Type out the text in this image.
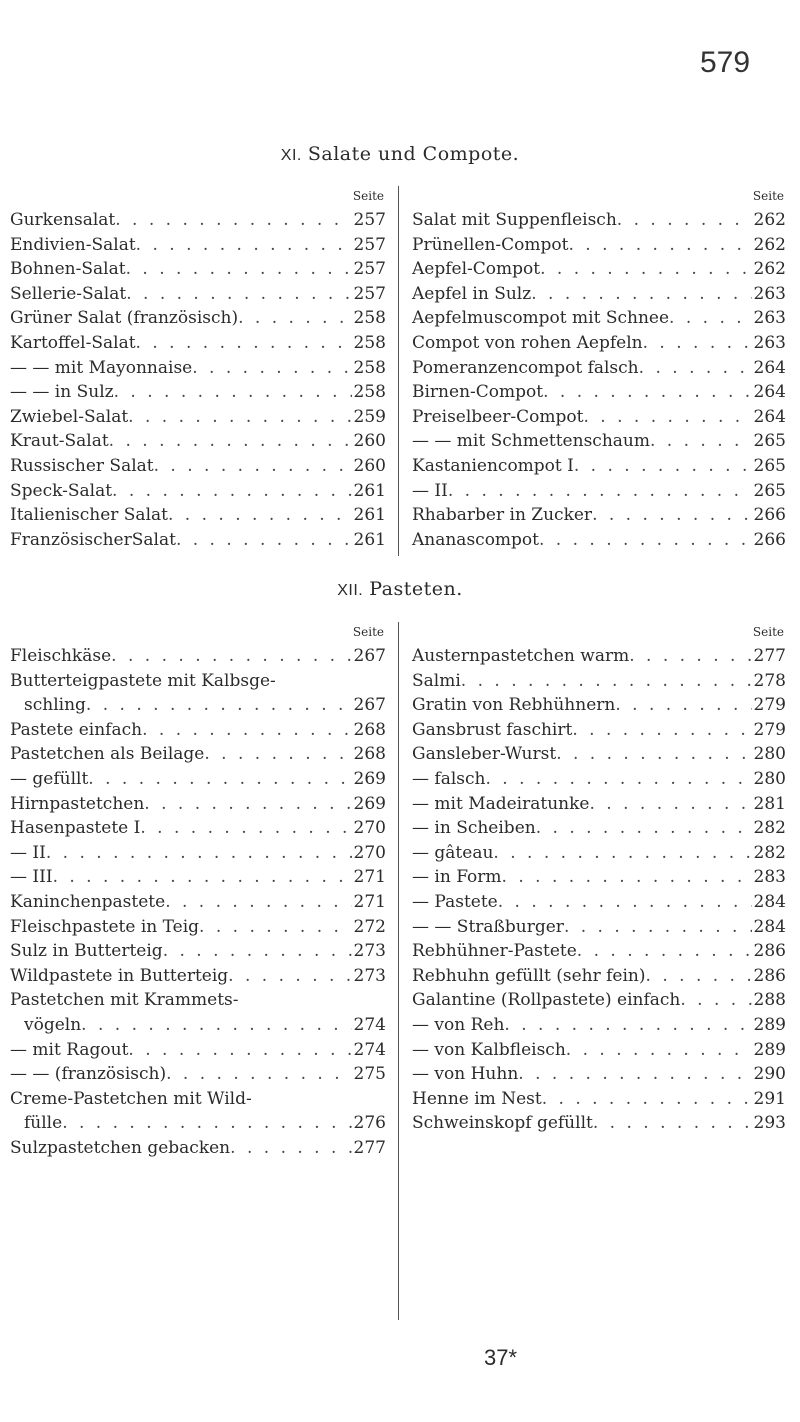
579
XI. Salate und Compote.
Seite
Gurkensalat . . .	257
Endivien-Salat . . .	257
Bohnen-Salat . . .	257
Sellerie-Salat . . .	257
Grüner Salat (französisch) . . .	258
Kartoffel-Salat . . .	258
— — mit Mayonnaise . . .	258
— — in Sulz . . .	258
Zwiebel-Salat . . .	259
Kraut-Salat . . .	260
Russischer Salat . . .	260
Speck-Salat . . .	261
Italienischer Salat . . .	261
FranzösischerSalat . . .	261
Seite
Salat mit Suppenfleisch . . .	262
Prünellen-Compot . . .	262
Aepfel-Compot . . .	262
Aepfel in Sulz . . .	263
Aepfelmuscompot mit Schnee . . .	263
Compot von rohen Aepfeln . . .	263
Pomeranzencompot falsch . . .	264
Birnen-Compot . . .	264
Preiselbeer-Compot . . .	264
— — mit Schmettenschaum . . .	265
Kastaniencompot I . . .	265
— II . . .	265
Rhabarber in Zucker . . .	266
Ananascompot . . .	266
XII. Pasteten.
Seite
Fleischkäse . . .	267
Butterteigpastete mit Kalbsge-
schling . . .	267
Pastete einfach . . .	268
Pastetchen als Beilage . . .	268
— gefüllt . . .	269
Hirnpastetchen . . .	269
Hasenpastete I . . .	270
— II . . .	270
— III . . .	271
Kaninchenpastete . . .	271
Fleischpastete in Teig . . .	272
Sulz in Butterteig . . .	273
Wildpastete in Butterteig . . .	273
Pastetchen mit Krammets-
vögeln . . .	274
— mit Ragout . . .	274
— — (französisch) . . .	275
Creme-Pastetchen mit Wild-
fülle . . .	276
Sulzpastetchen gebacken . . .	277
Seite
Austernpastetchen warm . . .	277
Salmi . . .	278
Gratin von Rebhühnern . . .	279
Gansbrust faschirt . . .	279
Gansleber-Wurst . . .	280
— falsch . . .	280
— mit Madeiratunke . . .	281
— in Scheiben . . .	282
— gâteau . . .	282
— in Form . . .	283
— Pastete . . .	284
— — Straßburger . . .	284
Rebhühner-Pastete . . .	286
Rebhuhn gefüllt (sehr fein) . . .	286
Galantine (Rollpastete) einfach . . .	288
— von Reh . . .	289
— von Kalbfleisch . . .	289
— von Huhn . . .	290
Henne im Nest . . .	291
Schweinskopf gefüllt . . .	293
37*
